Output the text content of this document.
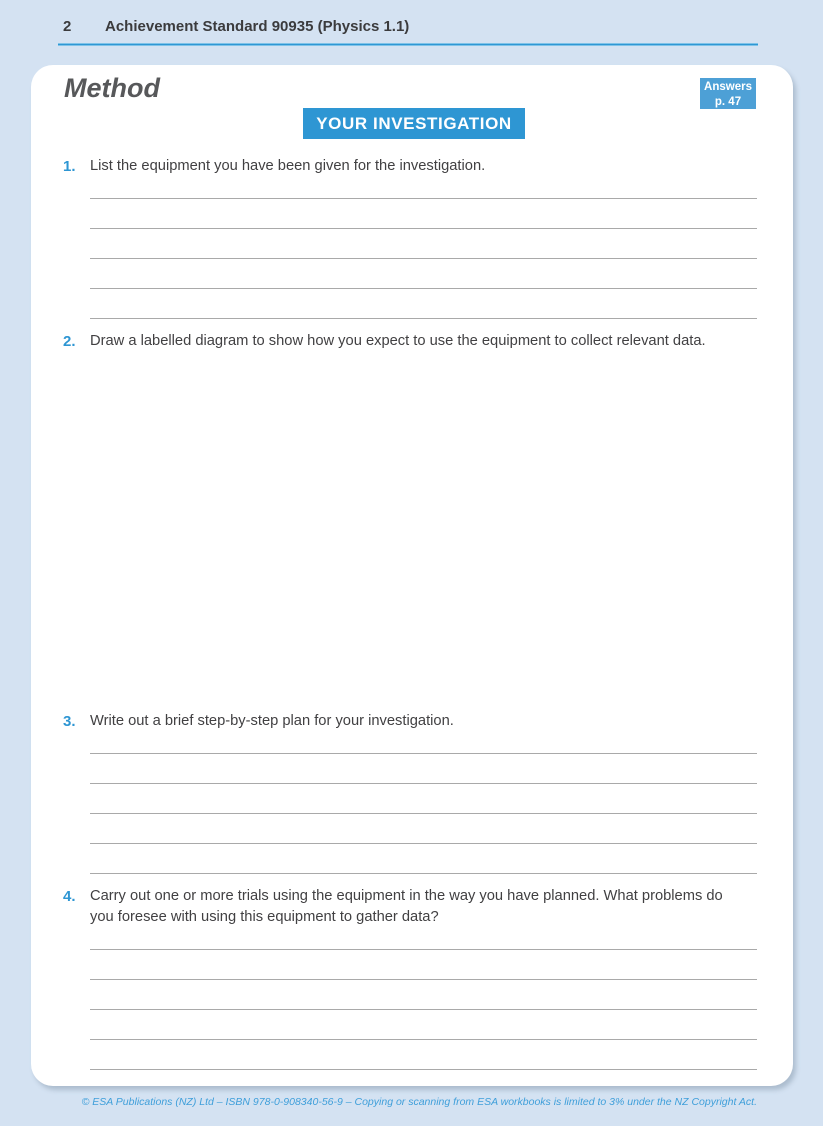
2 Achievement Standard 90935 (Physics 1.1)
Method	Answers
p. 47
YOUR INVESTIGATION
1. List the equipment you have been given for the investigation.
2. Draw a labelled diagram to show how you expect to use the equipment to collect relevant data.
3. Write out a brief step-by-step plan for your investigation.
4. Carry out one or more trials using the equipment in the way you have planned. What problems do you foresee with using this equipment to gather data?
© ESA Publications (NZ) Ltd – ISBN 978-0-908340-56-9 – Copying or scanning from ESA workbooks is limited to 3% under the NZ Copyright Act.
